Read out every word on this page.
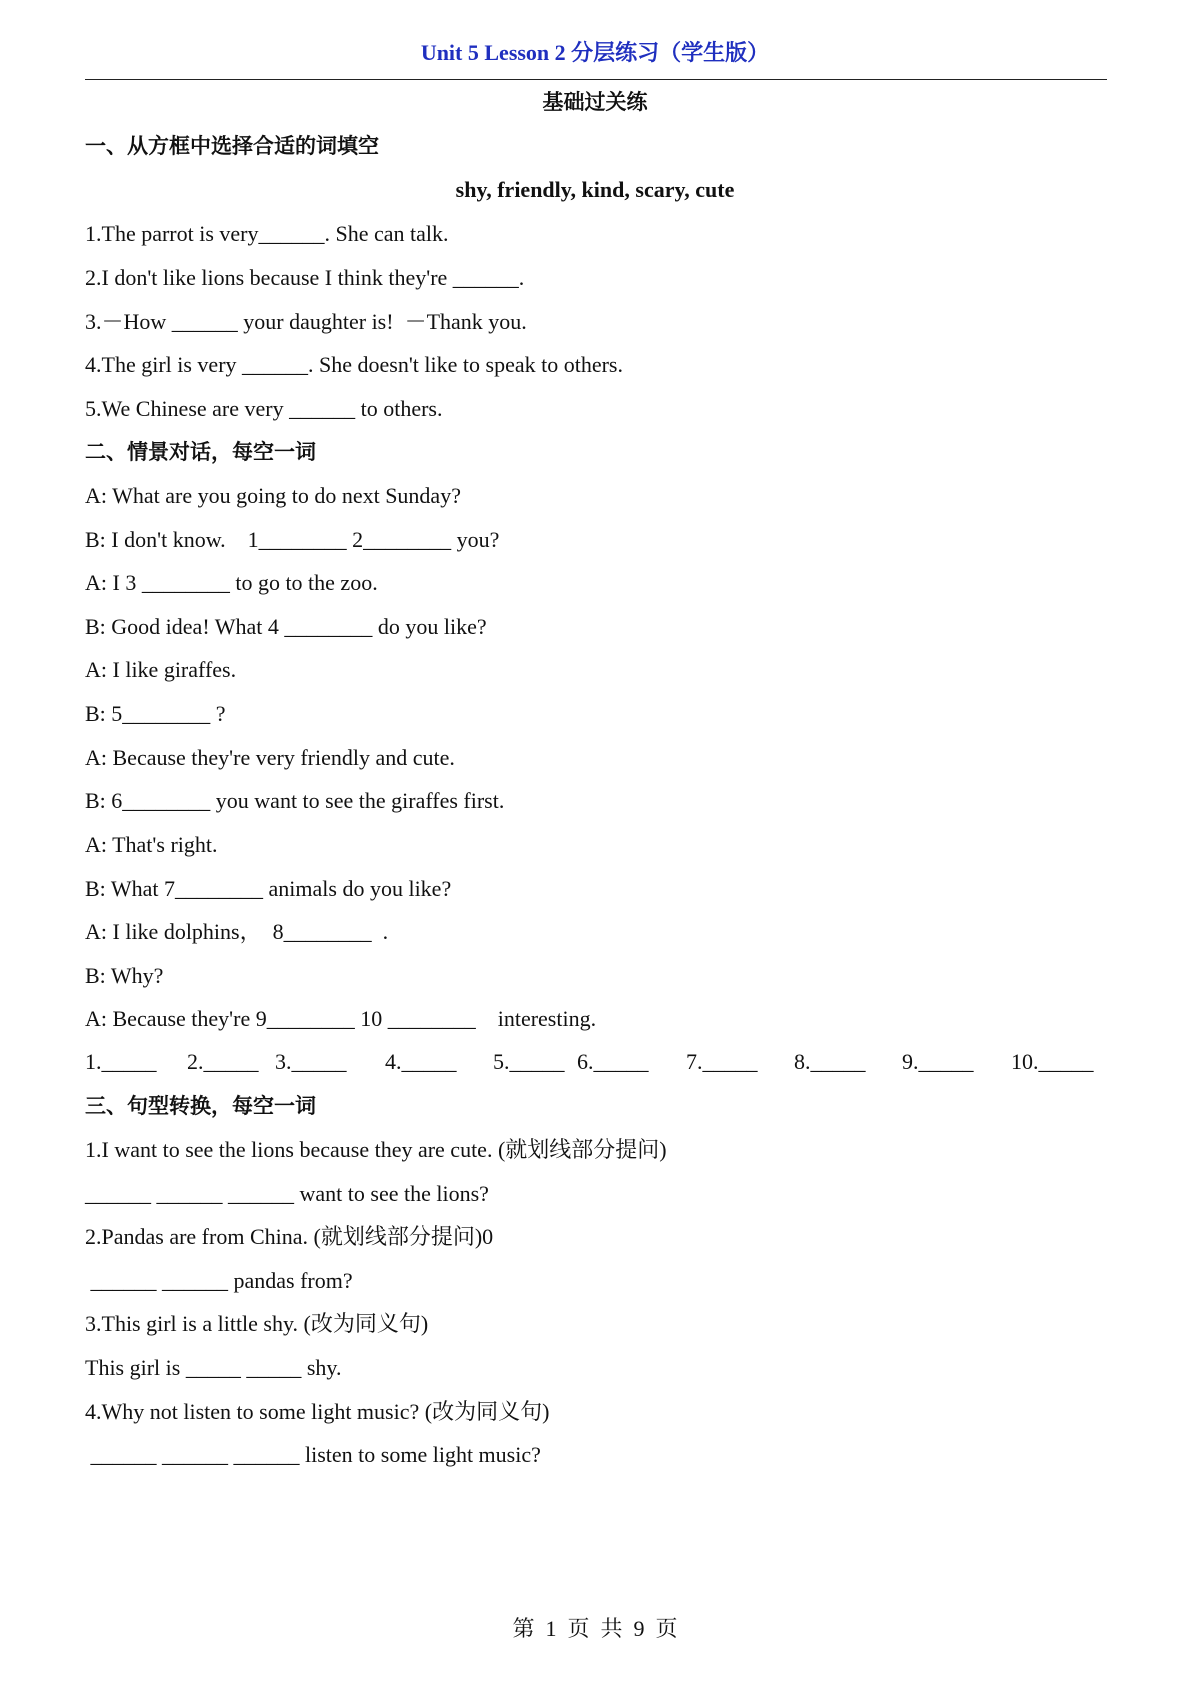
Unit 5 Lesson 2 分层练习（学生版）
基础过关练
一、从方框中选择合适的词填空
shy, friendly, kind, scary, cute
1.The parrot is very______. She can talk.
2.I don't like lions because I think they're ______.
3.－How ______ your daughter is!  －Thank you.
4.The girl is very ______. She doesn't like to speak to others.
5.We Chinese are very ______ to others.
二、情景对话，每空一词
A: What are you going to do next Sunday?
B: I don't know.    1________ 2________ you?
A: I 3 ________ to go to the zoo.
B: Good idea! What 4 ________ do you like?
A: I like giraffes.
B: 5________ ?
A: Because they're very friendly and cute.
B: 6________ you want to see the giraffes first.
A: That's right.
B: What 7________ animals do you like?
A: I like dolphins，  8________  .
B: Why?
A: Because they're 9________ 10 ________    interesting.
1._____ 2._____ 3._____ 4._____ 5._____ 6._____ 7._____ 8._____ 9._____ 10._____
三、句型转换，每空一词
1.I want to see the lions because they are cute. (就划线部分提问)
______ ______ ______ want to see the lions?
2.Pandas are from China. (就划线部分提问)0
______ ______ pandas from?
3.This girl is a little shy. (改为同义句)
This girl is _____ _____ shy.
4.Why not listen to some light music? (改为同义句)
______ ______ ______ listen to some light music?
第  1  页  共  9  页
